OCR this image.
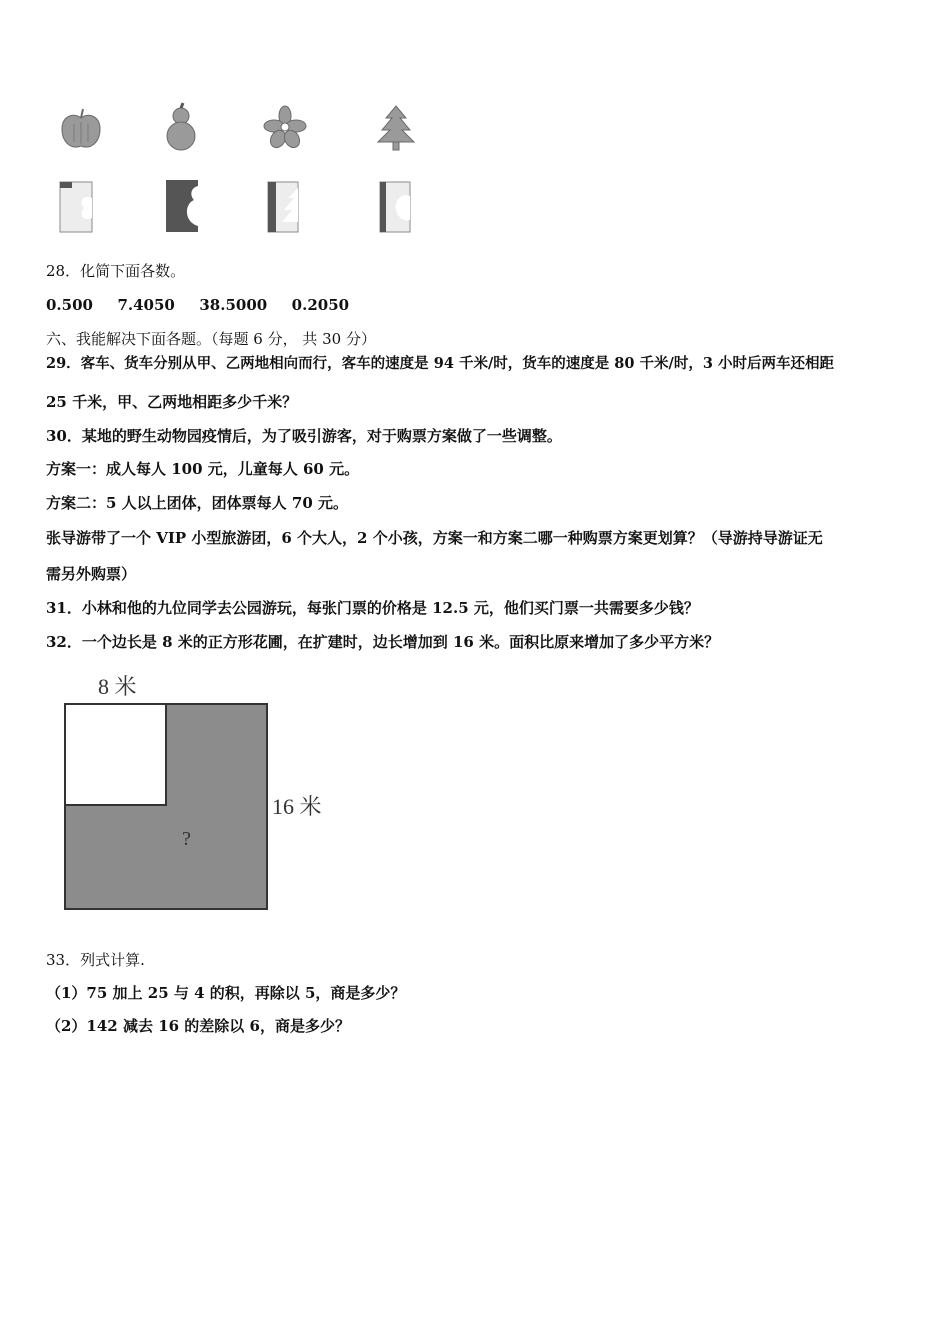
28．化简下面各数。
0.500 7.4050 38.5000 0.2050
六、我能解决下面各题。（每题 6 分， 共 30 分）
29．客车、货车分别从甲、乙两地相向而行，客车的速度是 94 千米/时，货车的速度是 80 千米/时，3 小时后两车还相距
25 千米，甲、乙两地相距多少千米？
30．某地的野生动物园疫情后，为了吸引游客，对于购票方案做了一些调整。
方案一：成人每人 100 元，儿童每人 60 元。
方案二：5 人以上团体，团体票每人 70 元。
张导游带了一个 VIP 小型旅游团，6 个大人，2 个小孩，方案一和方案二哪一种购票方案更划算？（导游持导游证无
需另外购票）
31．小林和他的九位同学去公园游玩，每张门票的价格是 12.5 元，他们买门票一共需要多少钱？
32．一个边长是 8 米的正方形花圃，在扩建时，边长增加到 16 米。面积比原来增加了多少平方米？
8 米
16 米
?
33．列式计算.
（1）75 加上 25 与 4 的积，再除以 5，商是多少？
（2）142 减去 16 的差除以 6，商是多少？
